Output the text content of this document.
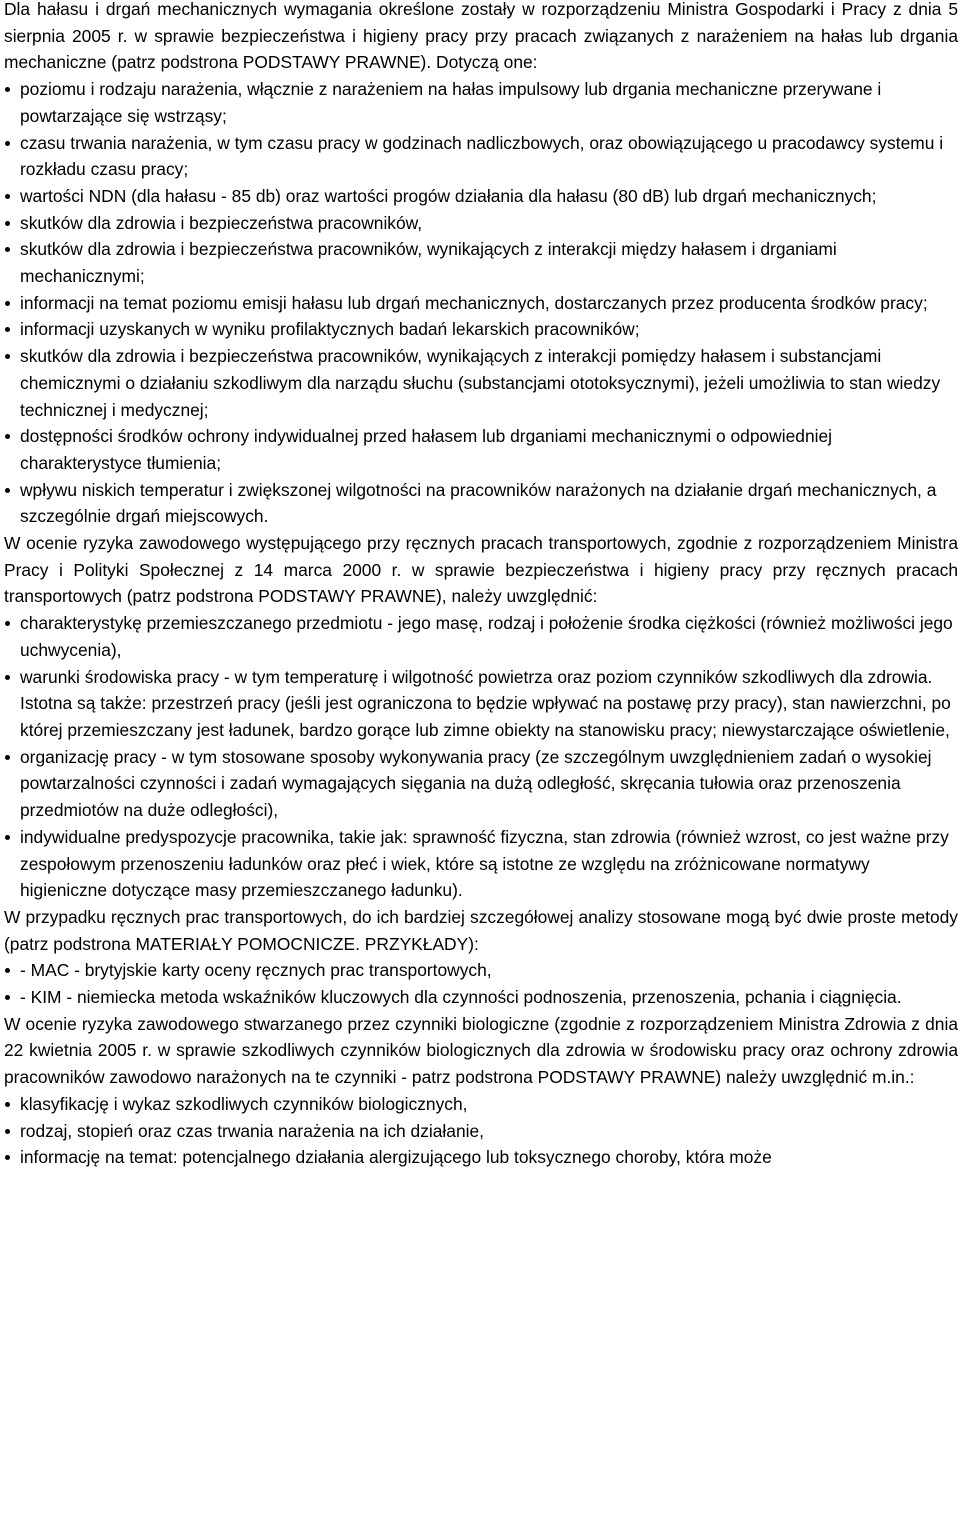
Dla hałasu i drgań mechanicznych wymagania określone zostały w rozporządzeniu Ministra Gospodarki i Pracy z dnia 5 sierpnia 2005 r. w sprawie bezpieczeństwa i higieny pracy przy pracach związanych z narażeniem na hałas lub drgania mechaniczne (patrz podstrona PODSTAWY PRAWNE). Dotyczą one:

poziomu i rodzaju narażenia, włącznie z narażeniem na hałas impulsowy lub drgania mechaniczne przerywane i powtarzające się wstrząsy;
czasu trwania narażenia, w tym czasu pracy w godzinach nadliczbowych, oraz obowiązującego u pracodawcy systemu i rozkładu czasu pracy;
wartości NDN (dla hałasu - 85 db) oraz wartości progów działania dla hałasu (80 dB) lub drgań mechanicznych;
skutków dla zdrowia i bezpieczeństwa pracowników,
skutków dla zdrowia i bezpieczeństwa pracowników, wynikających z interakcji między hałasem i drganiami mechanicznymi;
informacji na temat poziomu emisji hałasu lub drgań mechanicznych, dostarczanych przez producenta środków pracy;
informacji uzyskanych w wyniku profilaktycznych badań lekarskich pracowników;
skutków dla zdrowia i bezpieczeństwa pracowników, wynikających z interakcji pomiędzy hałasem i substancjami chemicznymi o działaniu szkodliwym dla narządu słuchu (substancjami ototoksycznymi), jeżeli umożliwia to stan wiedzy technicznej i medycznej;
dostępności środków ochrony indywidualnej przed hałasem lub drganiami mechanicznymi o odpowiedniej charakterystyce tłumienia;
wpływu niskich temperatur i zwiększonej wilgotności na pracowników narażonych na działanie drgań mechanicznych, a szczególnie drgań miejscowych.

W ocenie ryzyka zawodowego występującego przy ręcznych pracach transportowych, zgodnie z rozporządzeniem Ministra Pracy i Polityki Społecznej z 14 marca 2000 r. w sprawie bezpieczeństwa i higieny pracy przy ręcznych pracach transportowych (patrz podstrona PODSTAWY PRAWNE), należy uwzględnić:

charakterystykę przemieszczanego przedmiotu - jego masę, rodzaj i położenie środka ciężkości (również możliwości jego uchwycenia),
warunki środowiska pracy - w tym temperaturę i wilgotność powietrza oraz poziom czynników szkodliwych dla zdrowia. Istotna są także: przestrzeń pracy (jeśli jest ograniczona to będzie wpływać na postawę przy pracy), stan nawierzchni, po której przemieszczany jest ładunek, bardzo gorące lub zimne obiekty na stanowisku pracy; niewystarczające oświetlenie,
organizację pracy - w tym stosowane sposoby wykonywania pracy (ze szczególnym uwzględnieniem zadań o wysokiej powtarzalności czynności i zadań wymagających sięgania na dużą odległość, skręcania tułowia oraz przenoszenia przedmiotów na duże odległości),
indywidualne predyspozycje pracownika, takie jak: sprawność fizyczna, stan zdrowia (również wzrost, co jest ważne przy zespołowym przenoszeniu ładunków oraz płeć i wiek, które są istotne ze względu na zróżnicowane normatywy higieniczne dotyczące masy przemieszczanego ładunku).

W przypadku ręcznych prac transportowych, do ich bardziej szczegółowej analizy stosowane mogą być dwie proste metody (patrz podstrona MATERIAŁY POMOCNICZE. PRZYKŁADY):

- MAC - brytyjskie karty oceny ręcznych prac transportowych,
- KIM - niemiecka metoda wskaźników kluczowych dla czynności podnoszenia, przenoszenia, pchania i ciągnięcia.

W ocenie ryzyka zawodowego stwarzanego przez czynniki biologiczne (zgodnie z rozporządzeniem Ministra Zdrowia z dnia 22 kwietnia 2005 r. w sprawie szkodliwych czynników biologicznych dla zdrowia w środowisku pracy oraz ochrony zdrowia pracowników zawodowo narażonych na te czynniki - patrz podstrona PODSTAWY PRAWNE) należy uwzględnić m.in.:

klasyfikację i wykaz szkodliwych czynników biologicznych,
rodzaj, stopień oraz czas trwania narażenia na ich działanie,
informację na temat: potencjalnego działania alergizującego lub toksycznego choroby, która może
